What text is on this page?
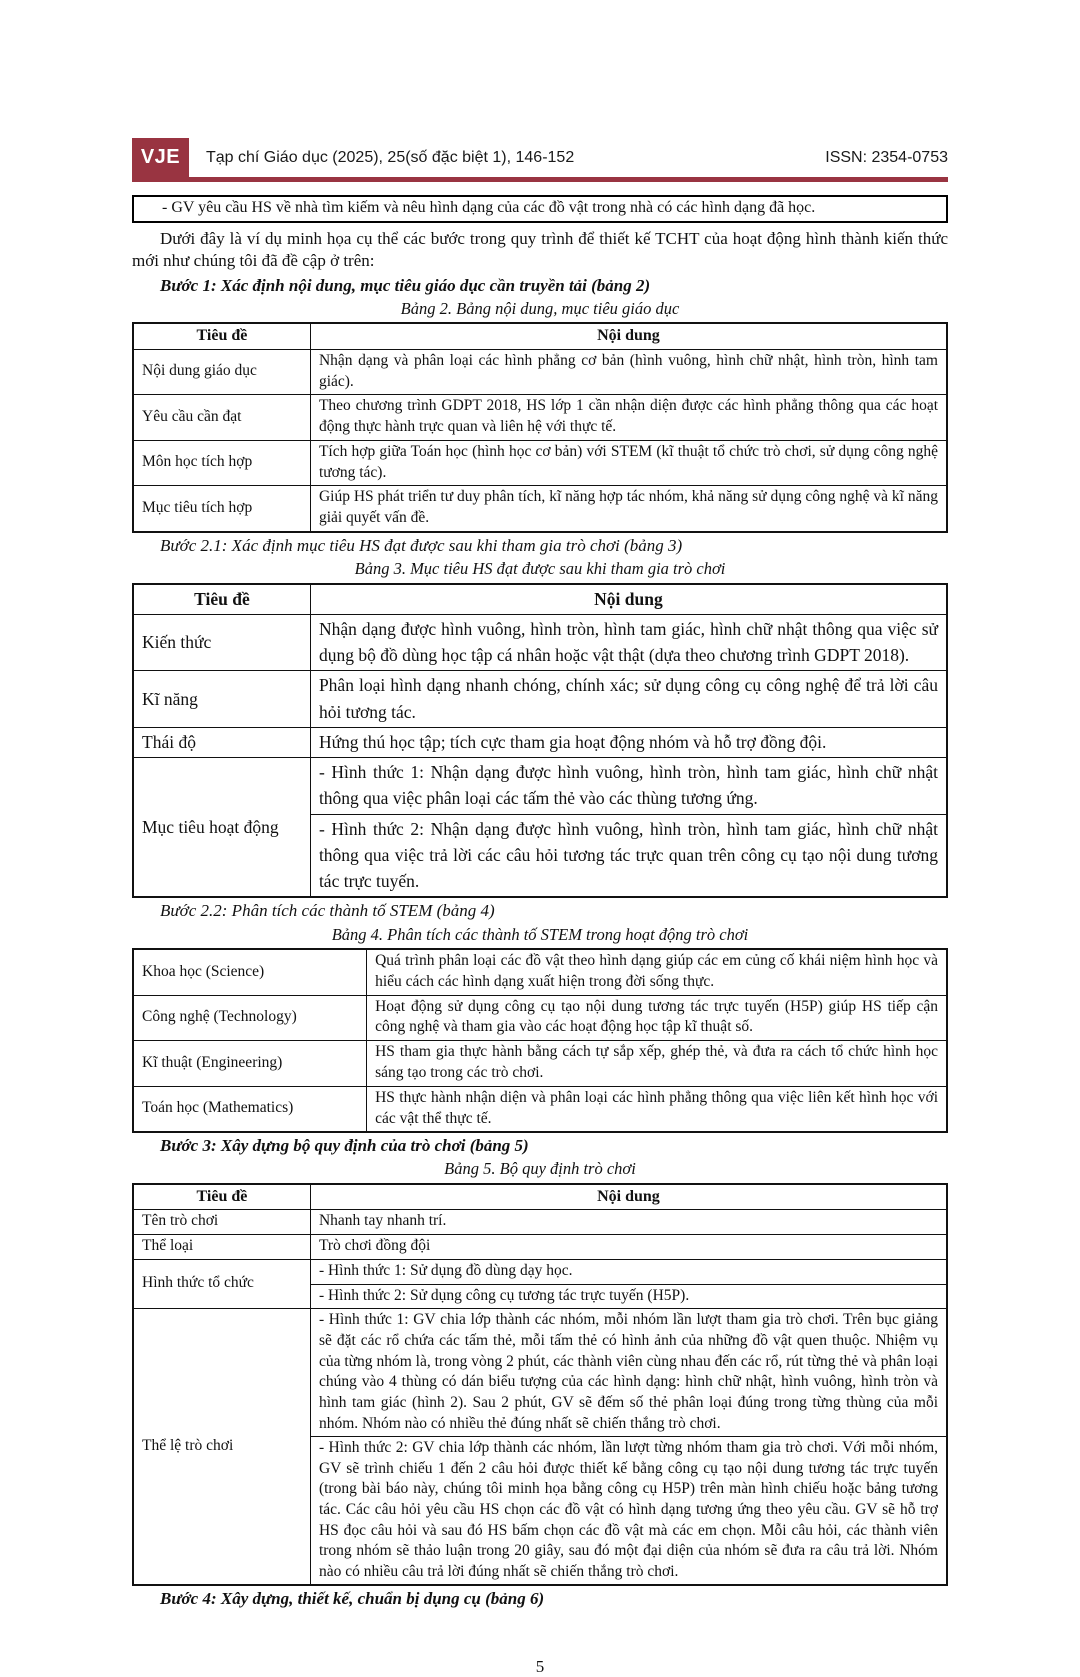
VJE	Tạp chí Giáo dục (2025), 25(số đặc biệt 1), 146-152	ISSN: 2354-0753
- GV yêu cầu HS về nhà tìm kiếm và nêu hình dạng của các đồ vật trong nhà có các hình dạng đã học.

Dưới đây là ví dụ minh họa cụ thể các bước trong quy trình để thiết kế TCHT của hoạt động hình thành kiến thức mới như chúng tôi đã đề cập ở trên:

Bước 1: Xác định nội dung, mục tiêu giáo dục cần truyền tải (bảng 2)
Bảng 2. Bảng nội dung, mục tiêu giáo dục
Tiêu đề	Nội dung
Nội dung giáo dục	Nhận dạng và phân loại các hình phẳng cơ bản (hình vuông, hình chữ nhật, hình tròn, hình tam giác).
Yêu cầu cần đạt	Theo chương trình GDPT 2018, HS lớp 1 cần nhận diện được các hình phẳng thông qua các hoạt động thực hành trực quan và liên hệ với thực tế.
Môn học tích hợp	Tích hợp giữa Toán học (hình học cơ bản) với STEM (kĩ thuật tổ chức trò chơi, sử dụng công nghệ tương tác).
Mục tiêu tích hợp	Giúp HS phát triển tư duy phân tích, kĩ năng hợp tác nhóm, khả năng sử dụng công nghệ và kĩ năng giải quyết vấn đề.
Bước 2.1: Xác định mục tiêu HS đạt được sau khi tham gia trò chơi (bảng 3)
Bảng 3. Mục tiêu HS đạt được sau khi tham gia trò chơi
Tiêu đề	Nội dung
Kiến thức	Nhận dạng được hình vuông, hình tròn, hình tam giác, hình chữ nhật thông qua việc sử dụng bộ đồ dùng học tập cá nhân hoặc vật thật (dựa theo chương trình GDPT 2018).
Kĩ năng	Phân loại hình dạng nhanh chóng, chính xác; sử dụng công cụ công nghệ để trả lời câu hỏi tương tác.
Thái độ	Hứng thú học tập; tích cực tham gia hoạt động nhóm và hỗ trợ đồng đội.
Mục tiêu hoạt động	- Hình thức 1: Nhận dạng được hình vuông, hình tròn, hình tam giác, hình chữ nhật thông qua việc phân loại các tấm thẻ vào các thùng tương ứng.
	- Hình thức 2: Nhận dạng được hình vuông, hình tròn, hình tam giác, hình chữ nhật thông qua việc trả lời các câu hỏi tương tác trực quan trên công cụ tạo nội dung tương tác trực tuyến.
Bước 2.2: Phân tích các thành tố STEM (bảng 4)
Bảng 4. Phân tích các thành tố STEM trong hoạt động trò chơi
Khoa học (Science)	Quá trình phân loại các đồ vật theo hình dạng giúp các em củng cố khái niệm hình học và hiểu cách các hình dạng xuất hiện trong đời sống thực.
Công nghệ (Technology)	Hoạt động sử dụng công cụ tạo nội dung tương tác trực tuyến (H5P) giúp HS tiếp cận công nghệ và tham gia vào các hoạt động học tập kĩ thuật số.
Kĩ thuật (Engineering)	HS tham gia thực hành bằng cách tự sắp xếp, ghép thẻ, và đưa ra cách tổ chức hình học sáng tạo trong các trò chơi.
Toán học (Mathematics)	HS thực hành nhận diện và phân loại các hình phẳng thông qua việc liên kết hình học với các vật thể thực tế.
Bước 3: Xây dựng bộ quy định của trò chơi (bảng 5)
Bảng 5. Bộ quy định trò chơi
Tiêu đề	Nội dung
Tên trò chơi	Nhanh tay nhanh trí.
Thể loại	Trò chơi đồng đội
Hình thức tổ chức	- Hình thức 1: Sử dụng đồ dùng dạy học.
	- Hình thức 2: Sử dụng công cụ tương tác trực tuyến (H5P).
Thể lệ trò chơi	- Hình thức 1: GV chia lớp thành các nhóm, mỗi nhóm lần lượt tham gia trò chơi. Trên bục giảng sẽ đặt các rổ chứa các tấm thẻ, mỗi tấm thẻ có hình ảnh của những đồ vật quen thuộc. Nhiệm vụ của từng nhóm là, trong vòng 2 phút, các thành viên cùng nhau đến các rổ, rút từng thẻ và phân loại chúng vào 4 thùng có dán biểu tượng của các hình dạng: hình chữ nhật, hình vuông, hình tròn và hình tam giác (hình 2). Sau 2 phút, GV sẽ đếm số thẻ phân loại đúng trong từng thùng của mỗi nhóm. Nhóm nào có nhiều thẻ đúng nhất sẽ chiến thắng trò chơi.
	- Hình thức 2: GV chia lớp thành các nhóm, lần lượt từng nhóm tham gia trò chơi. Với mỗi nhóm, GV sẽ trình chiếu 1 đến 2 câu hỏi được thiết kế bằng công cụ tạo nội dung tương tác trực tuyến (trong bài báo này, chúng tôi minh họa bằng công cụ H5P) trên màn hình chiếu hoặc bảng tương tác. Các câu hỏi yêu cầu HS chọn các đồ vật có hình dạng tương ứng theo yêu cầu. GV sẽ hỗ trợ HS đọc câu hỏi và sau đó HS bấm chọn các đồ vật mà các em chọn. Mỗi câu hỏi, các thành viên trong nhóm sẽ thảo luận trong 20 giây, sau đó một đại diện của nhóm sẽ đưa ra câu trả lời. Nhóm nào có nhiều câu trả lời đúng nhất sẽ chiến thắng trò chơi.
Bước 4: Xây dựng, thiết kế, chuẩn bị dụng cụ (bảng 6)
5
